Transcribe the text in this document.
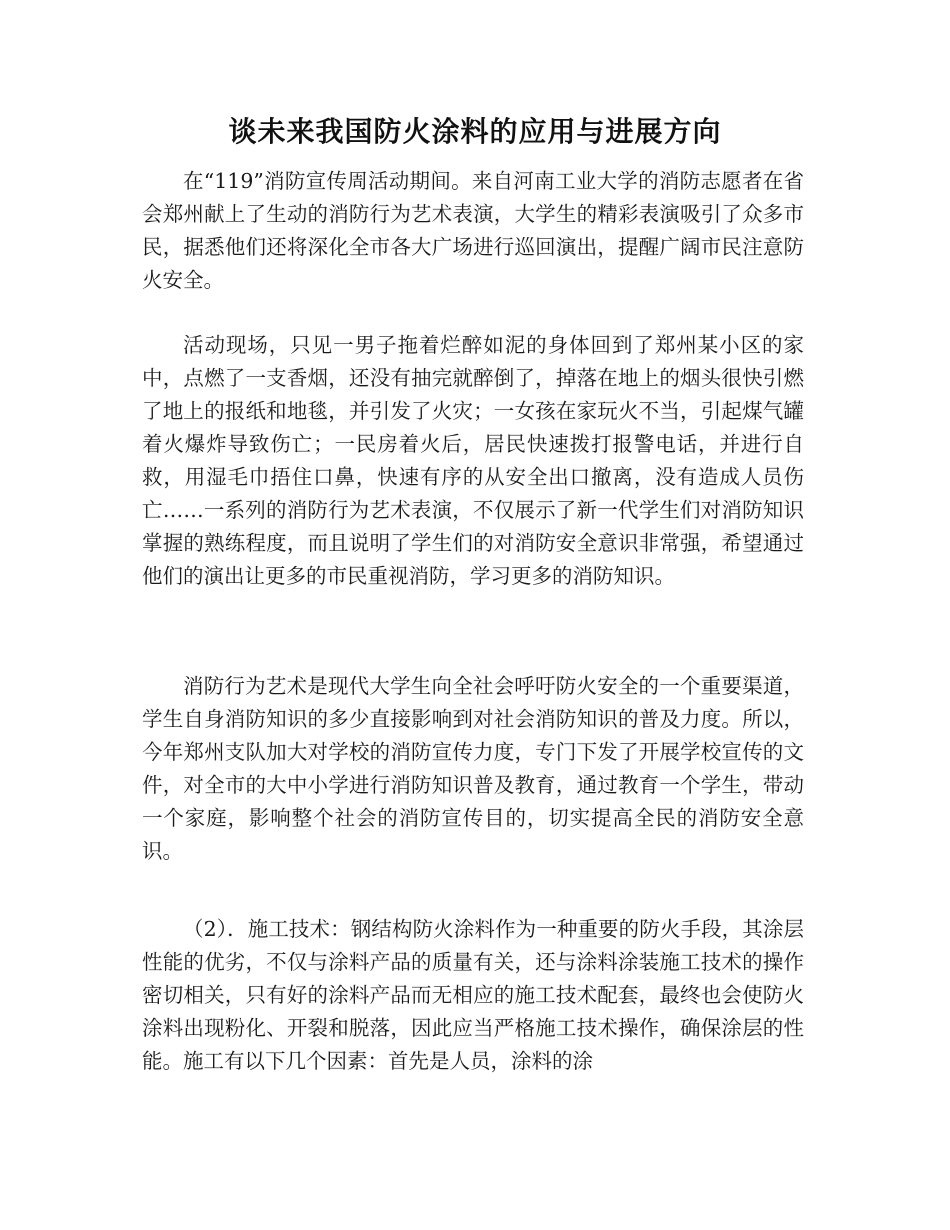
谈未来我国防火涂料的应用与进展方向

在“119”消防宣传周活动期间。来自河南工业大学的消防志愿者在省会郑州献上了生动的消防行为艺术表演，大学生的精彩表演吸引了众多市民，据悉他们还将深化全市各大广场进行巡回演出，提醒广阔市民注意防火安全。

活动现场，只见一男子拖着烂醉如泥的身体回到了郑州某小区的家中，点燃了一支香烟，还没有抽完就醉倒了，掉落在地上的烟头很快引燃了地上的报纸和地毯，并引发了火灾；一女孩在家玩火不当，引起煤气罐着火爆炸导致伤亡；一民房着火后，居民快速拨打报警电话，并进行自救，用湿毛巾捂住口鼻，快速有序的从安全出口撤离，没有造成人员伤亡……一系列的消防行为艺术表演，不仅展示了新一代学生们对消防知识掌握的熟练程度，而且说明了学生们的对消防安全意识非常强，希望通过他们的演出让更多的市民重视消防，学习更多的消防知识。

消防行为艺术是现代大学生向全社会呼吁防火安全的一个重要渠道，学生自身消防知识的多少直接影响到对社会消防知识的普及力度。所以，今年郑州支队加大对学校的消防宣传力度，专门下发了开展学校宣传的文件，对全市的大中小学进行消防知识普及教育，通过教育一个学生，带动一个家庭，影响整个社会的消防宣传目的，切实提高全民的消防安全意识。

（2）．施工技术：钢结构防火涂料作为一种重要的防火手段，其涂层性能的优劣，不仅与涂料产品的质量有关，还与涂料涂装施工技术的操作密切相关，只有好的涂料产品而无相应的施工技术配套，最终也会使防火涂料出现粉化、开裂和脱落，因此应当严格施工技术操作，确保涂层的性能。施工有以下几个因素：首先是人员，涂料的涂
